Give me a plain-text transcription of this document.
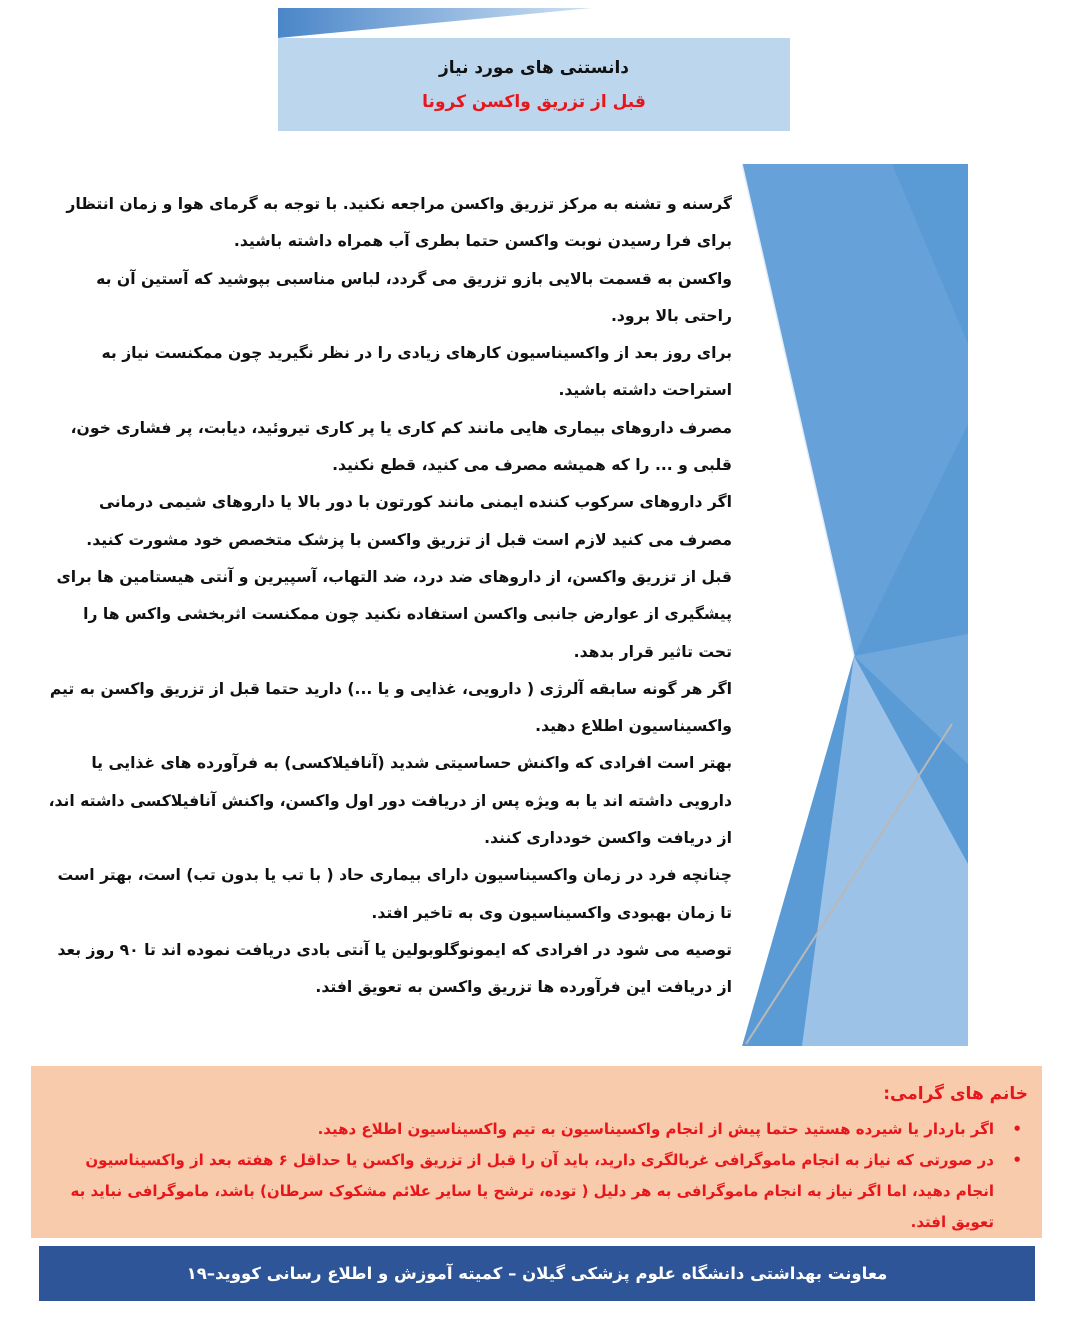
دانستنی های مورد نیاز
قبل از تزریق واکسن کرونا

گرسنه و تشنه به مرکز تزریق واکسن مراجعه نکنید. با توجه به گرمای هوا و زمان انتظار برای فرا رسیدن نوبت واکسن حتما بطری آب همراه داشته باشید.

واکسن به قسمت بالایی بازو تزریق می گردد، لباس مناسبی بپوشید که آستین آن به راحتی بالا برود.

برای روز بعد از واکسیناسیون کارهای زیادی را در نظر نگیرید چون ممکنست نیاز به استراحت داشته باشید.

مصرف داروهای بیماری هایی مانند کم کاری یا پر کاری تیروئید، دیابت، پر فشاری خون، قلبی و ... را که همیشه مصرف می کنید، قطع نکنید.

اگر داروهای سرکوب کننده ایمنی مانند کورتون با دور بالا یا داروهای شیمی درمانی مصرف می کنید لازم است قبل از تزریق واکسن با پزشک متخصص خود مشورت کنید.

قبل از تزریق واکسن، از داروهای ضد درد، ضد التهاب، آسپیرین و آنتی هیستامین ها برای پیشگیری از عوارض جانبی واکسن استفاده نکنید چون ممکنست اثربخشی واکس ها را تحت تاثیر قرار بدهد.

اگر هر گونه سابقه آلرژی ( دارویی، غذایی و یا ...) دارید حتما قبل از تزریق واکسن به تیم واکسیناسیون اطلاع دهید.

بهتر است افرادی که واکنش حساسیتی شدید (آنافیلاکسی) به فرآورده های غذایی یا دارویی داشته اند یا به ویژه پس از دریافت دور اول واکسن، واکنش آنافیلاکسی داشته اند، از دریافت واکسن خودداری کنند.

چنانچه فرد در زمان واکسیناسیون دارای بیماری حاد ( با تب یا بدون تب) است، بهتر است تا زمان بهبودی واکسیناسیون وی به تاخیر افتد.

توصیه می شود در افرادی که ایمونوگلوبولین یا آنتی بادی دریافت نموده اند تا ۹۰ روز بعد از دریافت این فرآورده ها تزریق واکسن به تعویق افتد.

خانم های گرامی:
•
اگر باردار یا شیرده هستید حتما پیش از انجام واکسیناسیون به تیم واکسیناسیون اطلاع دهید.
•
در صورتی که نیاز به انجام ماموگرافی غربالگری دارید، باید آن را قبل از تزریق واکسن یا حداقل ۶ هفته بعد از واکسیناسیون انجام دهید، اما اگر نیاز به انجام ماموگرافی به هر دلیل ( توده، ترشح یا سایر علائم مشکوک سرطان) باشد، ماموگرافی نباید به تعویق افتد.
معاونت بهداشتی دانشگاه علوم پزشکی گیلان – کمیته آموزش و اطلاع رسانی کووید–۱۹
